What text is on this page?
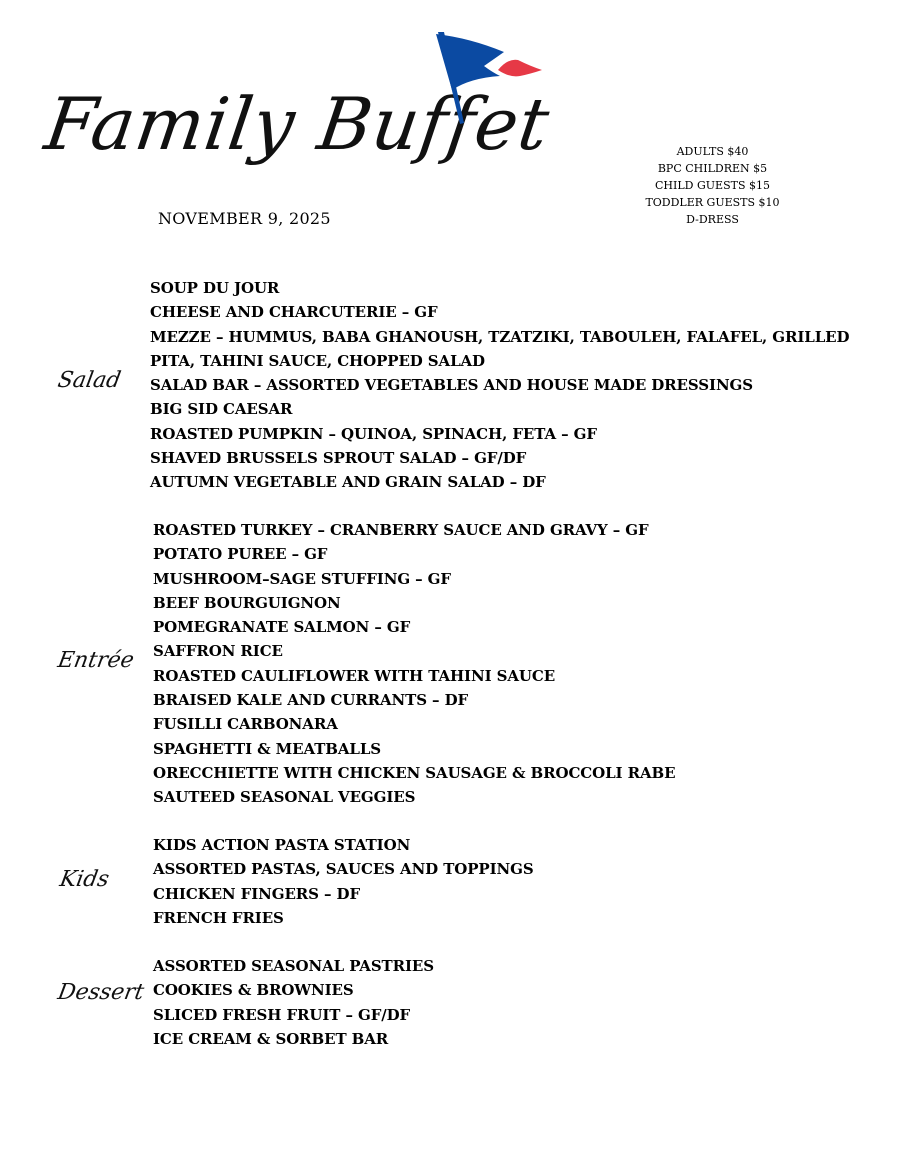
Family Buffet
NOVEMBER 9, 2025
ADULTS $40
BPC CHILDREN $5
CHILD GUESTS $15
TODDLER GUESTS $10
D-DRESS
Salad
SOUP DU JOUR
CHEESE AND CHARCUTERIE – GF
MEZZE – HUMMUS, BABA GHANOUSH, TZATZIKI, TABOULEH, FALAFEL, GRILLED
PITA, TAHINI SAUCE, CHOPPED SALAD
SALAD BAR – ASSORTED VEGETABLES AND HOUSE MADE DRESSINGS
BIG SID CAESAR
ROASTED PUMPKIN – QUINOA, SPINACH, FETA – GF
SHAVED BRUSSELS SPROUT SALAD – GF/DF
AUTUMN VEGETABLE AND GRAIN SALAD – DF
Entrée
ROASTED TURKEY – CRANBERRY SAUCE AND GRAVY – GF
POTATO PUREE – GF
MUSHROOM–SAGE STUFFING – GF
BEEF BOURGUIGNON
POMEGRANATE SALMON – GF
SAFFRON RICE
ROASTED CAULIFLOWER WITH TAHINI SAUCE
BRAISED KALE AND CURRANTS – DF
FUSILLI CARBONARA
SPAGHETTI & MEATBALLS
ORECCHIETTE WITH CHICKEN SAUSAGE & BROCCOLI RABE
SAUTEED SEASONAL VEGGIES
Kids
KIDS ACTION PASTA STATION
ASSORTED PASTAS, SAUCES AND TOPPINGS
CHICKEN FINGERS – DF
FRENCH FRIES
Dessert
ASSORTED SEASONAL PASTRIES
COOKIES & BROWNIES
SLICED FRESH FRUIT – GF/DF
ICE CREAM & SORBET BAR
